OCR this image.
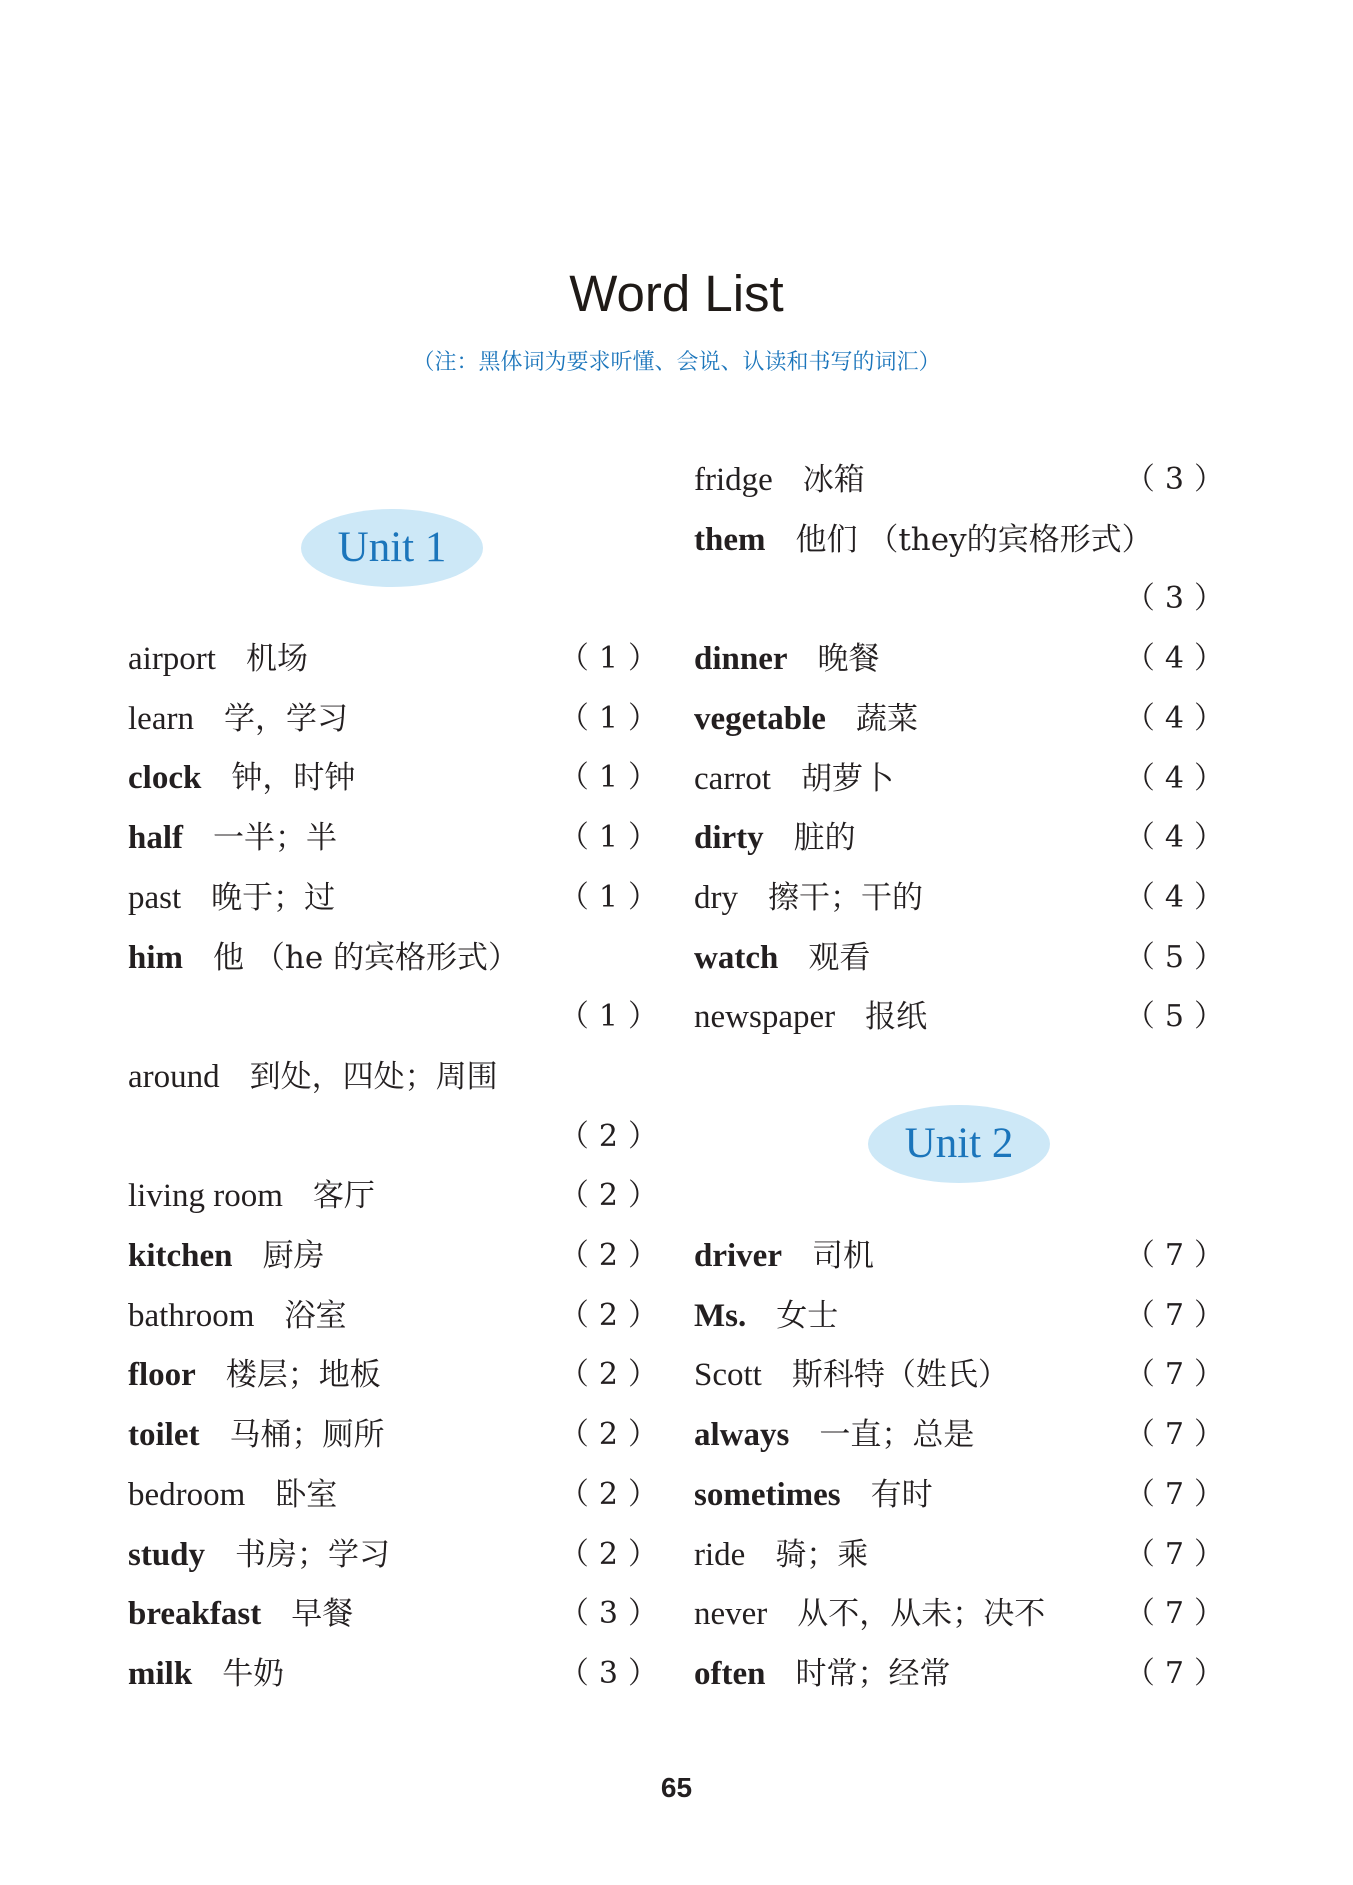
Word List
（注：黑体词为要求听懂、会说、认读和书写的词汇）
Unit 1
Unit 2
airport 机场	（1）
learn 学，学习	（1）
clock 钟，时钟	（1）
half 一半；半	（1）
past 晚于；过	（1）
him 他 （he 的宾格形式）
（1）
around 到处，四处；周围
（2）
living room 客厅	（2）
kitchen 厨房	（2）
bathroom 浴室	（2）
floor 楼层；地板	（2）
toilet 马桶；厕所	（2）
bedroom 卧室	（2）
study 书房；学习	（2）
breakfast 早餐	（3）
milk 牛奶	（3）
fridge 冰箱	（3）
them 他们 （they的宾格形式）
（3）
dinner 晚餐	（4）
vegetable 蔬菜	（4）
carrot 胡萝卜	（4）
dirty 脏的	（4）
dry 擦干；干的	（4）
watch 观看	（5）
newspaper 报纸	（5）
driver 司机	（7）
Ms. 女士	（7）
Scott 斯科特（姓氏）	（7）
always 一直；总是	（7）
sometimes 有时	（7）
ride 骑；乘	（7）
never 从不，从未；决不	（7）
often 时常；经常	（7）
65
